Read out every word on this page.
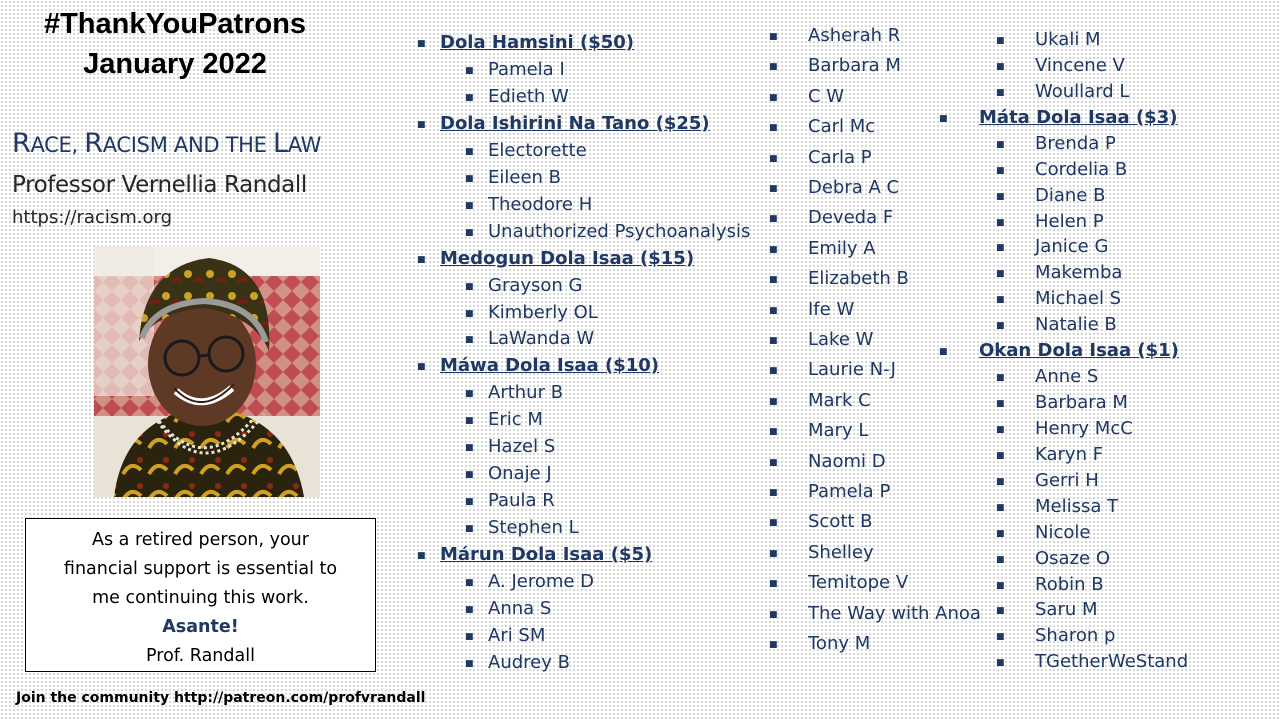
#ThankYouPatrons
January 2022
RACE, RACISM AND THE LAW
Professor Vernellia Randall
https://racism.org
As a retired person, your
financial support is essential to
me continuing this work.
Asante!
Prof. Randall
Join the community http://patreon.com/profvrandall
■
Dola Hamsini ($50)
■
Pamela I
■
Edieth W
■
Dola Ishirini Na Tano ($25)
■
Electorette
■
Eileen B
■
Theodore H
■
Unauthorized Psychoanalysis
■
Medogun Dola Isaa ($15)
■
Grayson G
■
Kimberly OL
■
LaWanda W
■
Máwa Dola Isaa ($10)
■
Arthur B
■
Eric M
■
Hazel S
■
Onaje J
■
Paula R
■
Stephen L
■
Márun Dola Isaa ($5)
■
A. Jerome D
■
Anna S
■
Ari SM
■
Audrey B
■
Asherah R
■
Barbara M
■
C W
■
Carl Mc
■
Carla P
■
Debra A C
■
Deveda F
■
Emily A
■
Elizabeth B
■
Ife W
■
Lake W
■
Laurie N-J
■
Mark C
■
Mary L
■
Naomi D
■
Pamela P
■
Scott B
■
Shelley
■
Temitope V
■
The Way with Anoa
■
Tony M
■
Ukali M
■
Vincene V
■
Woullard L
■
Máta Dola Isaa ($3)
■
Brenda P
■
Cordelia B
■
Diane B
■
Helen P
■
Janice G
■
Makemba
■
Michael S
■
Natalie B
■
Okan Dola Isaa ($1)
■
Anne S
■
Barbara M
■
Henry McC
■
Karyn F
■
Gerri H
■
Melissa T
■
Nicole
■
Osaze O
■
Robin B
■
Saru M
■
Sharon p
■
TGetherWeStand
